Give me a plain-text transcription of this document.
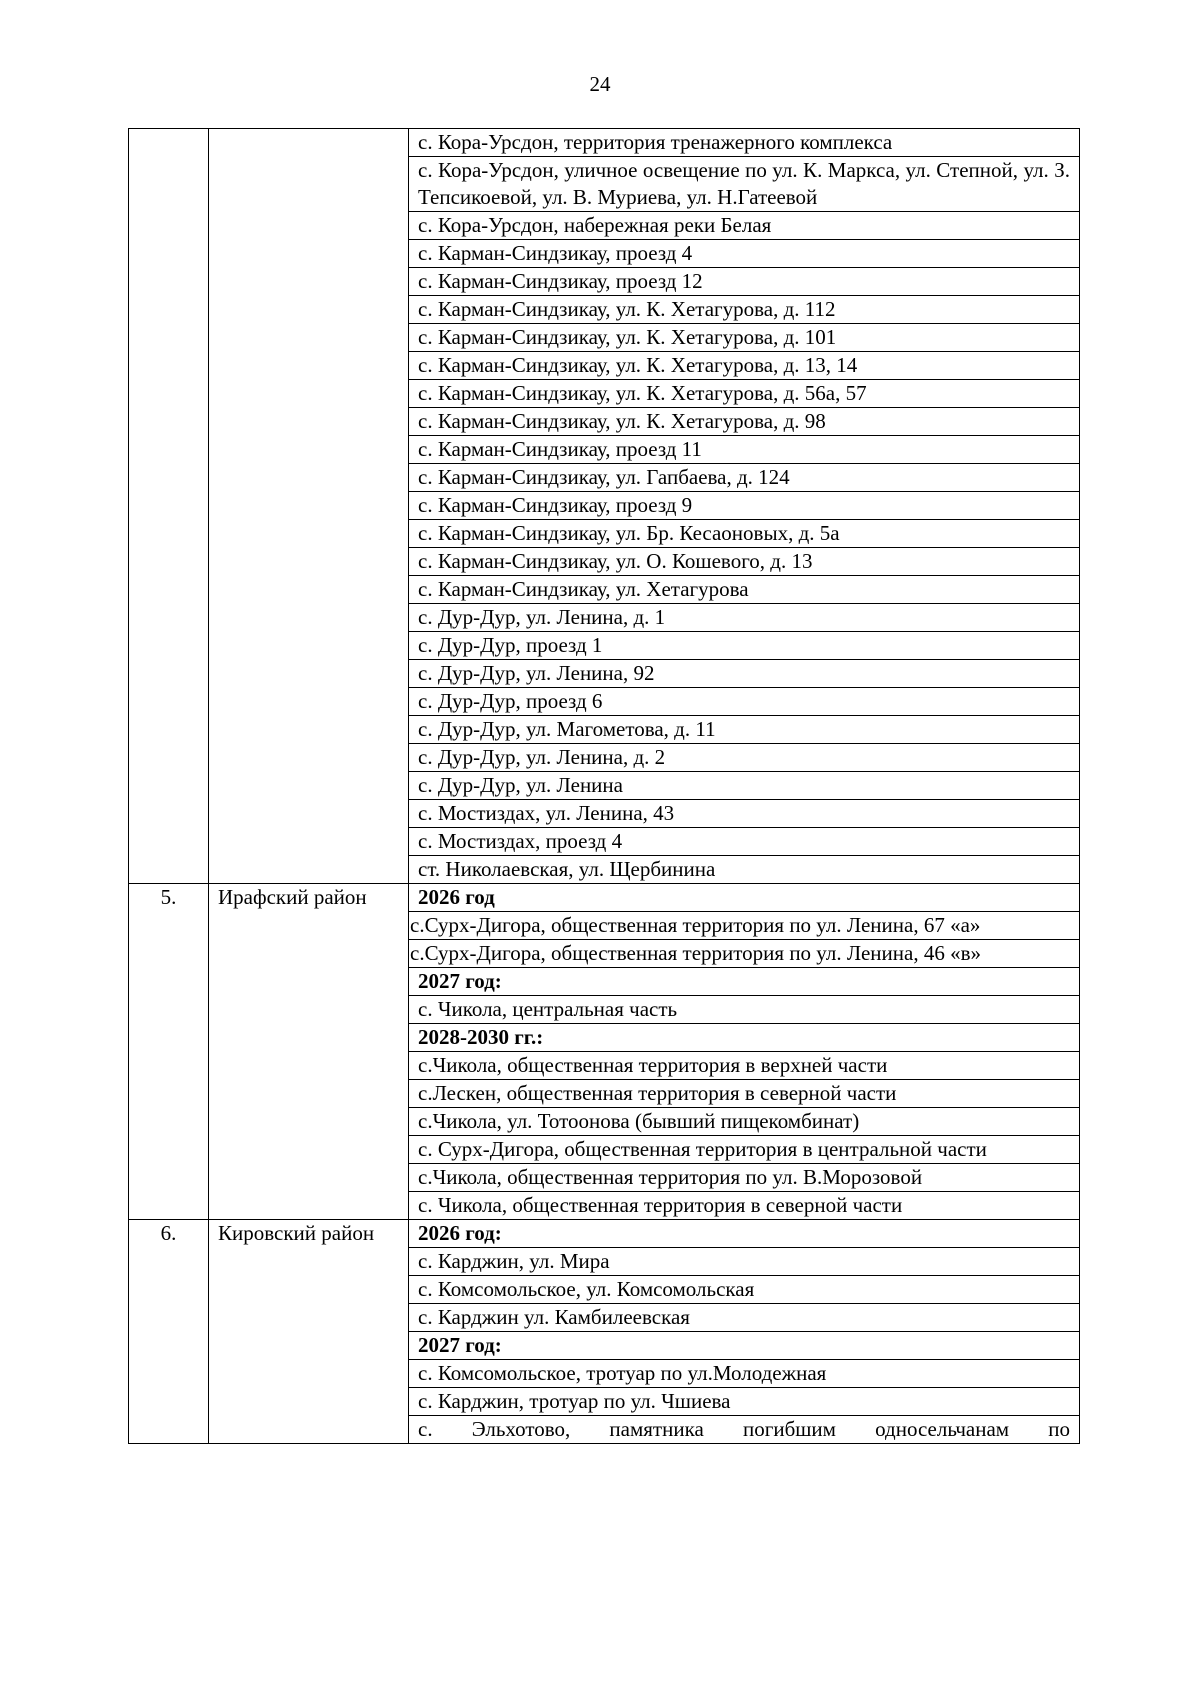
24
		с. Кора-Урсдон, территория тренажерного комплекса
		с. Кора-Урсдон, уличное освещение по ул. К. Маркса, ул. Степной, ул. З. Тепсикоевой, ул. В. Муриева, ул. Н.Гатеевой
		с. Кора-Урсдон, набережная реки Белая
		с. Карман-Синдзикау, проезд 4
		с. Карман-Синдзикау, проезд 12
		с. Карман-Синдзикау, ул. К. Хетагурова, д. 112
		с. Карман-Синдзикау, ул. К. Хетагурова, д. 101
		с. Карман-Синдзикау, ул. К. Хетагурова, д. 13, 14
		с. Карман-Синдзикау, ул. К. Хетагурова, д. 56а, 57
		с. Карман-Синдзикау, ул. К. Хетагурова, д. 98
		с. Карман-Синдзикау, проезд 11
		с. Карман-Синдзикау, ул. Гапбаева, д. 124
		с. Карман-Синдзикау, проезд 9
		с. Карман-Синдзикау, ул. Бр. Кесаоновых, д. 5а
		с. Карман-Синдзикау, ул. О. Кошевого, д. 13
		с. Карман-Синдзикау, ул. Хетагурова
		с. Дур-Дур, ул. Ленина, д. 1
		с. Дур-Дур, проезд 1
		с. Дур-Дур, ул. Ленина, 92
		с. Дур-Дур, проезд 6
		с. Дур-Дур, ул. Магометова, д. 11
		с. Дур-Дур, ул. Ленина, д. 2
		с. Дур-Дур, ул. Ленина
		с. Мостиздах, ул. Ленина, 43
		с. Мостиздах, проезд 4
		ст. Николаевская, ул. Щербинина
5.	Ирафский район	2026 год
		с.Сурх-Дигора, общественная территория по ул. Ленина, 67 «а»
		с.Сурх-Дигора, общественная территория по ул. Ленина, 46 «в»
		2027 год:
		с. Чикола, центральная часть
		2028-2030 гг.:
		с.Чикола, общественная территория в верхней части
		с.Лескен, общественная территория в северной части
		с.Чикола, ул. Тотоонова (бывший пищекомбинат)
		с. Сурх-Дигора, общественная территория в центральной части
		с.Чикола, общественная территория по ул. В.Морозовой
		с. Чикола, общественная территория в северной части
6.	Кировский район	2026 год:
		с. Карджин, ул. Мира
		с. Комсомольское, ул. Комсомольская
		с. Карджин ул. Камбилеевская
		2027 год:
		с. Комсомольское, тротуар по ул.Молодежная
		с. Карджин, тротуар по ул. Чшиева
		с. Эльхотово, памятника погибшим односельчанам по
